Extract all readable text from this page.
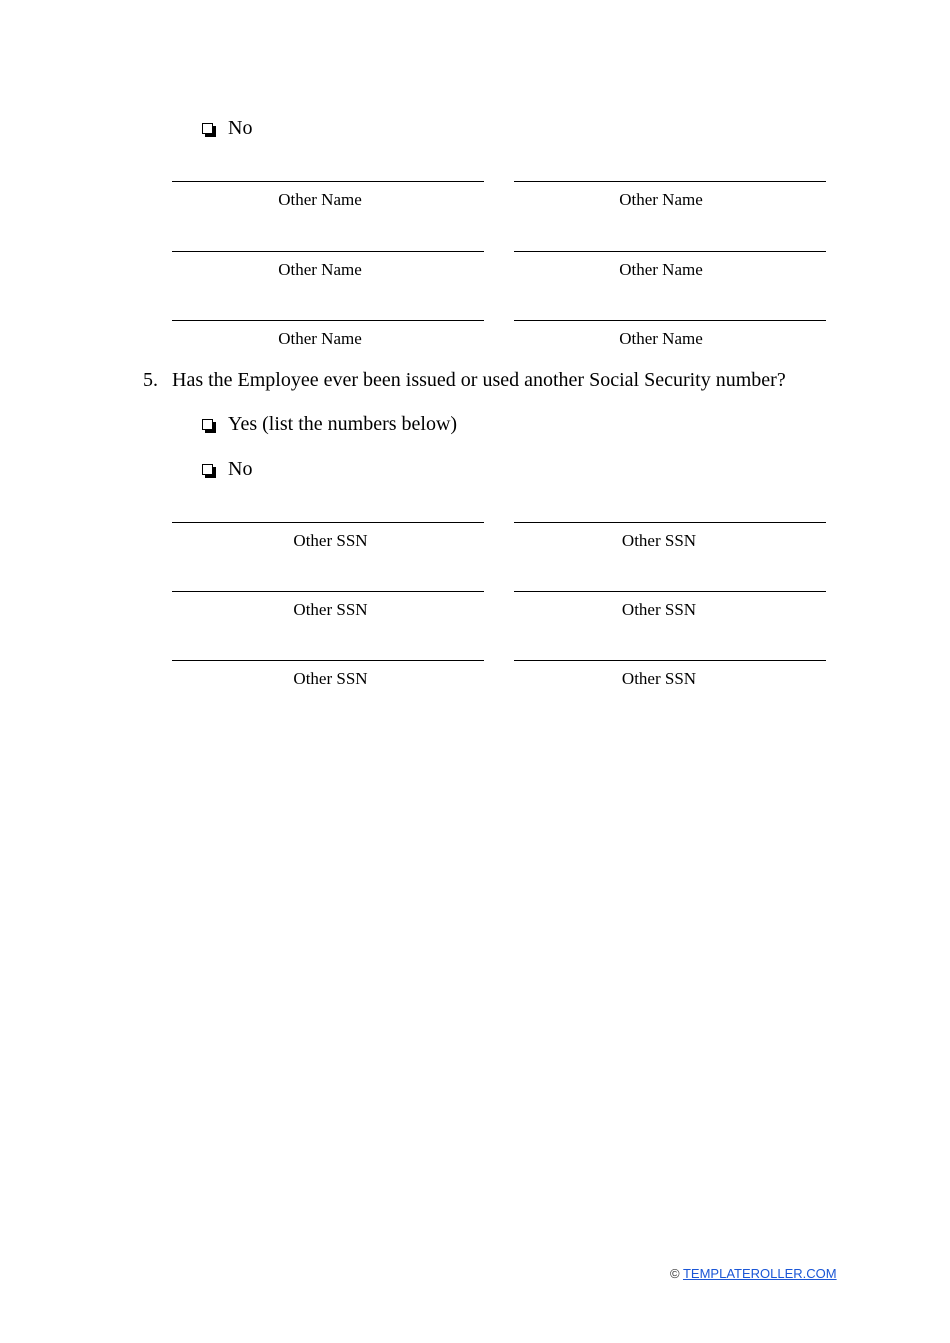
No
Other Name	Other Name
Other Name	Other Name
Other Name	Other Name
5. Has the Employee ever been issued or used another Social Security number?
Yes (list the numbers below)
No
Other SSN	Other SSN
Other SSN	Other SSN
Other SSN	Other SSN
© TEMPLATEROLLER.COM
